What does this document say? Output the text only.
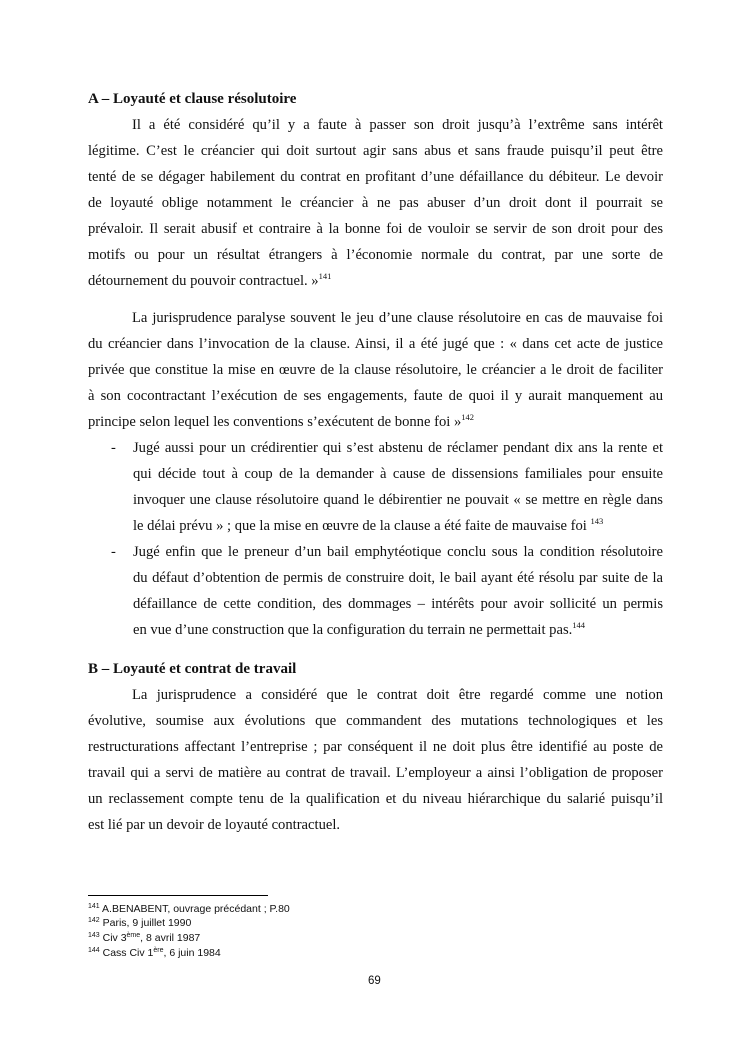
A – Loyauté et clause résolutoire
Il a été considéré qu’il y a faute à passer son droit jusqu’à l’extrême sans intérêt
légitime. C’est le créancier qui doit surtout agir sans abus et sans fraude puisqu’il peut être
tenté de se dégager habilement du contrat en profitant d’une défaillance du débiteur. Le devoir
de loyauté oblige notamment le créancier à ne pas abuser d’un droit dont il pourrait se
prévaloir. Il serait abusif et contraire à la bonne foi de vouloir se servir de son droit pour des
motifs ou pour un résultat étrangers à l’économie normale du contrat, par une sorte de
détournement du pouvoir contractuel. »$^{141}$
La jurisprudence paralyse souvent le jeu d’une clause résolutoire en cas de mauvaise foi
du créancier dans l’invocation de la clause. Ainsi, il a été jugé que : « dans cet acte de justice
privée que constitue la mise en œuvre de la clause résolutoire, le créancier a le droit de faciliter
à son cocontractant l’exécution de ses engagements, faute de quoi il y aurait manquement au
principe selon lequel les conventions s’exécutent de bonne foi »$^{142}$
- Jugé aussi pour un crédirentier qui s’est abstenu de réclamer pendant dix ans la rente et
qui décide tout à coup de la demander à cause de dissensions familiales pour ensuite
invoquer une clause résolutoire quand le débirentier ne pouvait « se mettre en règle dans
le délai prévu » ; que la mise en œuvre de la clause a été faite de mauvaise foi $^{143}$
- Jugé enfin que le preneur d’un bail emphytéotique conclu sous la condition résolutoire
du défaut d’obtention de permis de construire doit, le bail ayant été résolu par suite de la
défaillance de cette condition, des dommages – intérêts pour avoir sollicité un permis
en vue d’une construction que la configuration du terrain ne permettait pas.$^{144}$
B – Loyauté et contrat de travail
La jurisprudence a considéré que le contrat doit être regardé comme une notion
évolutive, soumise aux évolutions que commandent des mutations technologiques et les
restructurations affectant l’entreprise ; par conséquent il ne doit plus être identifié au poste de
travail qui a servi de matière au contrat de travail. L’employeur a ainsi l’obligation de proposer
un reclassement compte tenu de la qualification et du niveau hiérarchique du salarié puisqu’il
est lié par un devoir de loyauté contractuel.
$^{141}$ A.BENABENT, ouvrage précédant ; P.80
$^{142}$ Paris, 9 juillet 1990
$^{143}$ Civ 3ème, 8 avril 1987
$^{144}$ Cass Civ 1ère, 6 juin 1984
69
